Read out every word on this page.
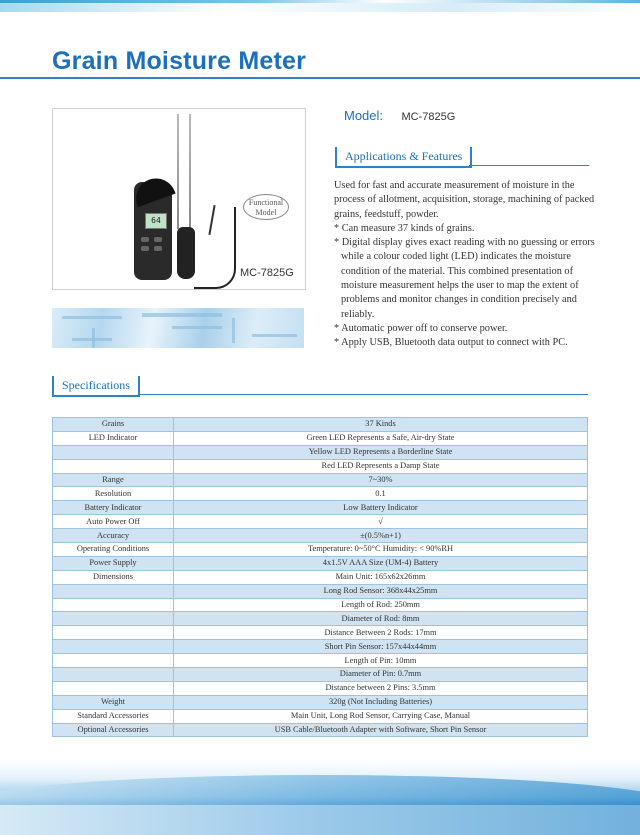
Grain Moisture Meter
64
Functional Model
MC-7825G
Model: MC-7825G
Applications & Features

Used for fast and accurate measurement of moisture in the process of allotment, acquisition, storage, machining of packed grains, feedstuff, powder.

* Can measure 37 kinds of grains.

* Digital display gives exact reading with no guessing or errors while a colour coded light (LED) indicates the moisture condition of the material. This combined presentation of moisture measurement helps the user to map the extent of problems and monitor changes in condition precisely and reliably.

* Automatic power off to conserve power.

* Apply USB, Bluetooth data output to connect with PC.

Specifications
Grains	37 Kinds
LED Indicator	Green LED Represents a Safe, Air-dry State
	Yellow LED Represents a Borderline State
	Red LED Represents a Damp State
Range	7~30%
Resolution	0.1
Battery Indicator	Low Battery Indicator
Auto Power Off	√
Accuracy	±(0.5%n+1)
Operating Conditions	Temperature: 0~50°C Humidity: < 90%RH
Power Supply	4x1.5V AAA Size (UM-4) Battery
Dimensions	Main Unit: 165x62x26mm
	Long Rod Sensor: 368x44x25mm
	Length of Rod: 250mm
	Diameter of Rod: 8mm
	Distance Between 2 Rods: 17mm
	Short Pin Sensor: 157x44x44mm
	Length of Pin: 10mm
	Diameter of Pin: 0.7mm
	Distance between 2 Pins: 3.5mm
Weight	320g (Not Including Batteries)
Standard Accessories	Main Unit, Long Rod Sensor, Carrying Case, Manual
Optional Accessories	USB Cable/Bluetooth Adapter with Software, Short Pin Sensor
